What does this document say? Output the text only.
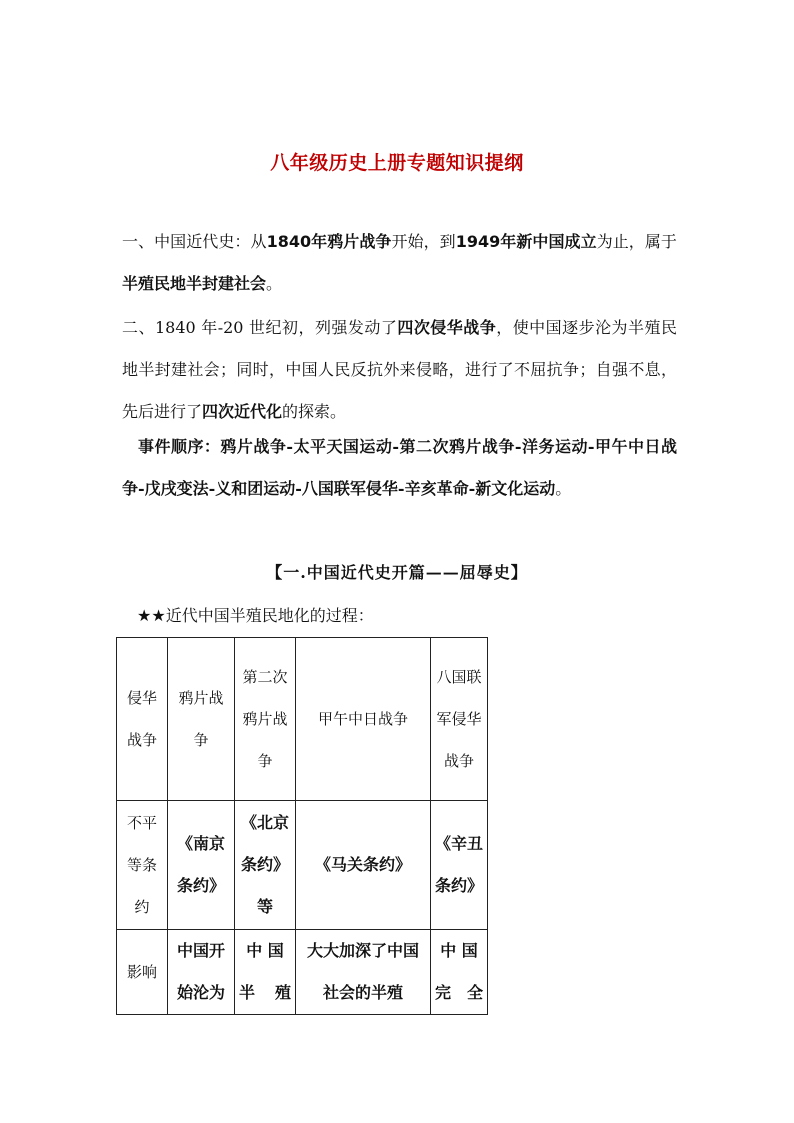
八年级历史上册专题知识提纲
一、中国近代史：从1840年鸦片战争开始，到1949年新中国成立为止，属于半殖民地半封建社会。
二、1840 年-20 世纪初，列强发动了四次侵华战争，使中国逐步沦为半殖民地半封建社会；同时，中国人民反抗外来侵略，进行了不屈抗争；自强不息，先后进行了四次近代化的探索。
事件顺序：鸦片战争-太平天国运动-第二次鸦片战争-洋务运动-甲午中日战争-戊戌变法-义和团运动-八国联军侵华-辛亥革命-新文化运动。
【一.中国近代史开篇——屈辱史】
★★近代中国半殖民地化的过程：
侵华战争	鸦片战争	第二次鸦片战争	甲午中日战争	八国联军侵华战争
不平等条约	《南京条约》	《北京条约》等	《马关条约》	《辛丑条约》
影响	中国开始沦为	中 国 半 殖	大大加深了中国社会的半殖	中 国 完 全
